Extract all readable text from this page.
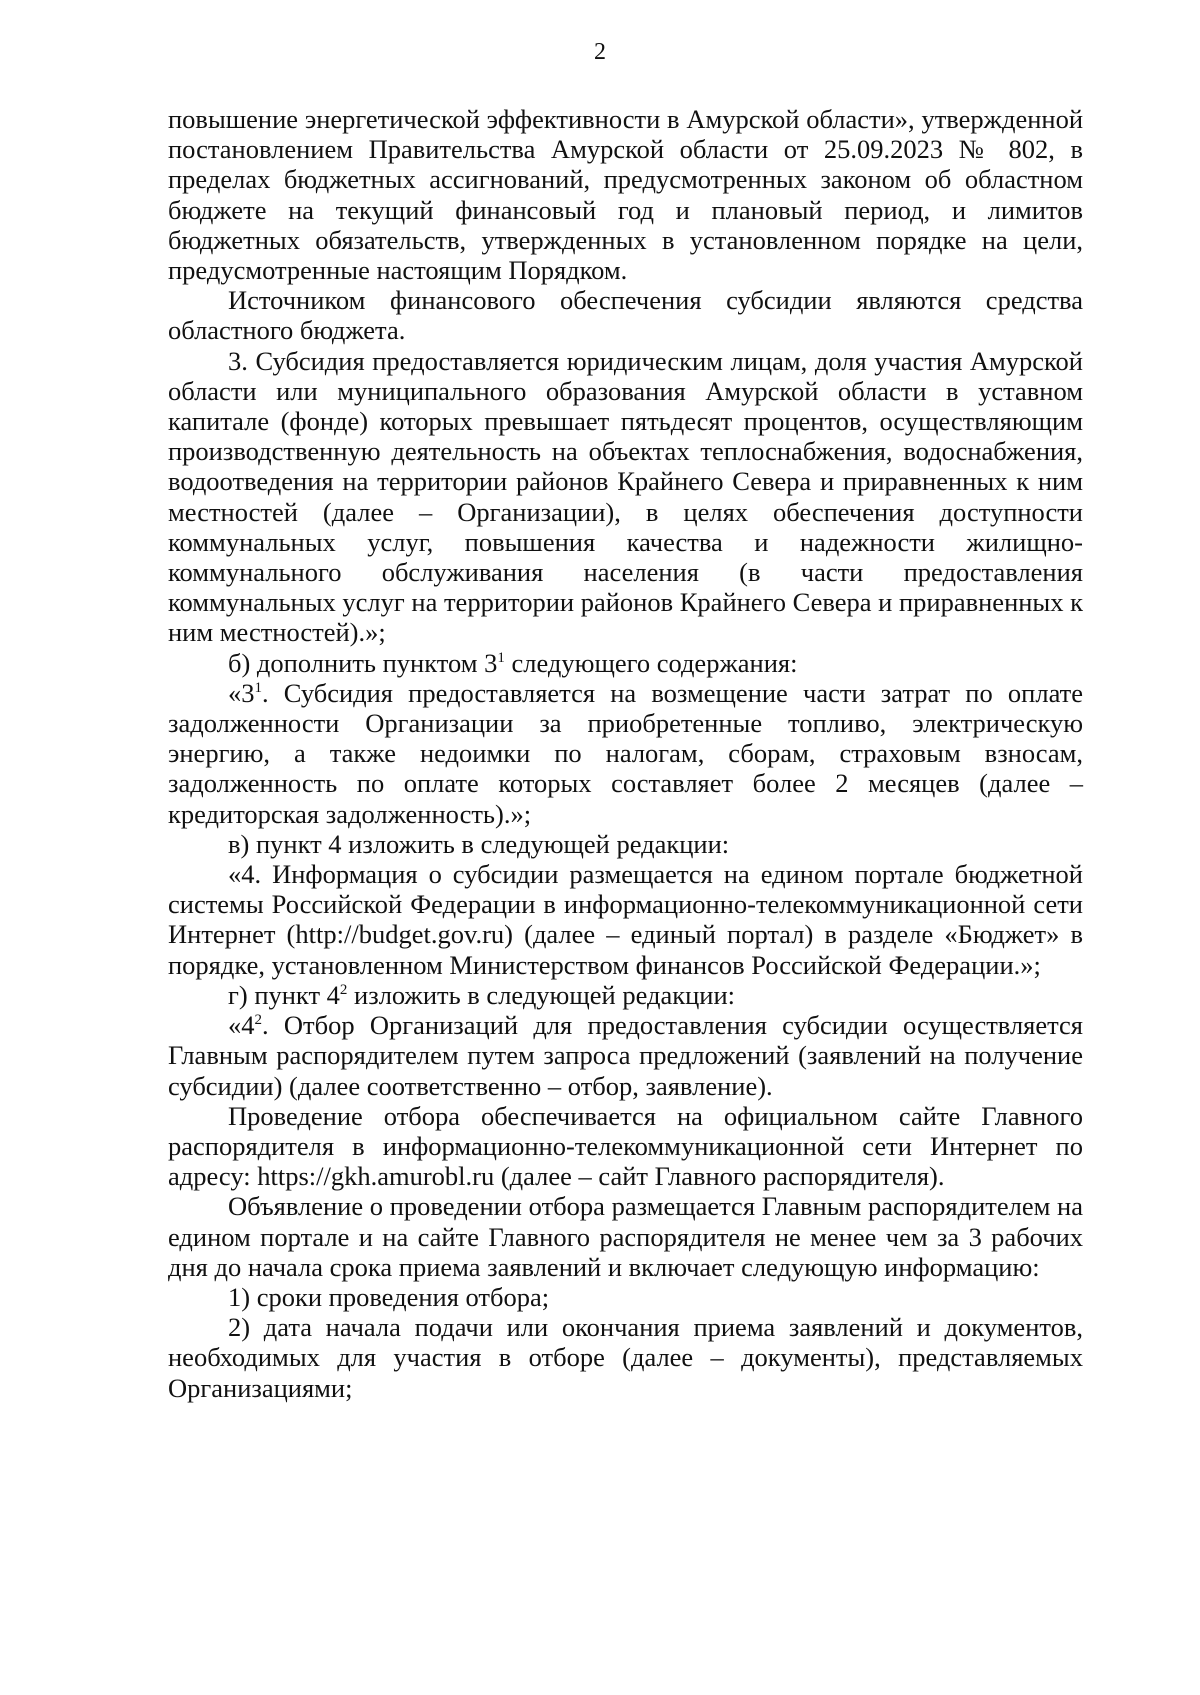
2

повышение энергетической эффективности в Амурской области», утвержденной постановлением Правительства Амурской области от 25.09.2023 № 802, в пределах бюджетных ассигнований, предусмотренных законом об областном бюджете на текущий финансовый год и плановый период, и лимитов бюджетных обязательств, утвержденных в установленном порядке на цели, предусмотренные настоящим Порядком.

Источником финансового обеспечения субсидии являются средства областного бюджета.

3. Субсидия предоставляется юридическим лицам, доля участия Амурской области или муниципального образования Амурской области в уставном капитале (фонде) которых превышает пятьдесят процентов, осуществляющим производственную деятельность на объектах теплоснабжения, водоснабжения, водоотведения на территории районов Крайнего Севера и приравненных к ним местностей (далее – Организации), в целях обеспечения доступности коммунальных услуг, повышения качества и надежности жилищно-коммунального обслуживания населения (в части предоставления коммунальных услуг на территории районов Крайнего Севера и приравненных к ним местностей).»;

б) дополнить пунктом $3^1$ следующего содержания:

«$3^1$. Субсидия предоставляется на возмещение части затрат по оплате задолженности Организации за приобретенные топливо, электрическую энергию, а также недоимки по налогам, сборам, страховым взносам, задолженность по оплате которых составляет более 2 месяцев (далее – кредиторская задолженность).»;

в) пункт 4 изложить в следующей редакции:

«4. Информация о субсидии размещается на едином портале бюджетной системы Российской Федерации в информационно-телекоммуникационной сети Интернет (http://budget.gov.ru) (далее – единый портал) в разделе «Бюджет» в порядке, установленном Министерством финансов Российской Федерации.»;

г) пункт $4^2$ изложить в следующей редакции:

«$4^2$. Отбор Организаций для предоставления субсидии осуществляется Главным распорядителем путем запроса предложений (заявлений на получение субсидии) (далее соответственно – отбор, заявление).

Проведение отбора обеспечивается на официальном сайте Главного распорядителя в информационно-телекоммуникационной сети Интернет по адресу: https://gkh.amurobl.ru (далее – сайт Главного распорядителя).

Объявление о проведении отбора размещается Главным распорядителем на едином портале и на сайте Главного распорядителя не менее чем за 3 рабочих дня до начала срока приема заявлений и включает следующую информацию:

1) сроки проведения отбора;

2) дата начала подачи или окончания приема заявлений и документов, необходимых для участия в отборе (далее – документы), представляемых Организациями;
